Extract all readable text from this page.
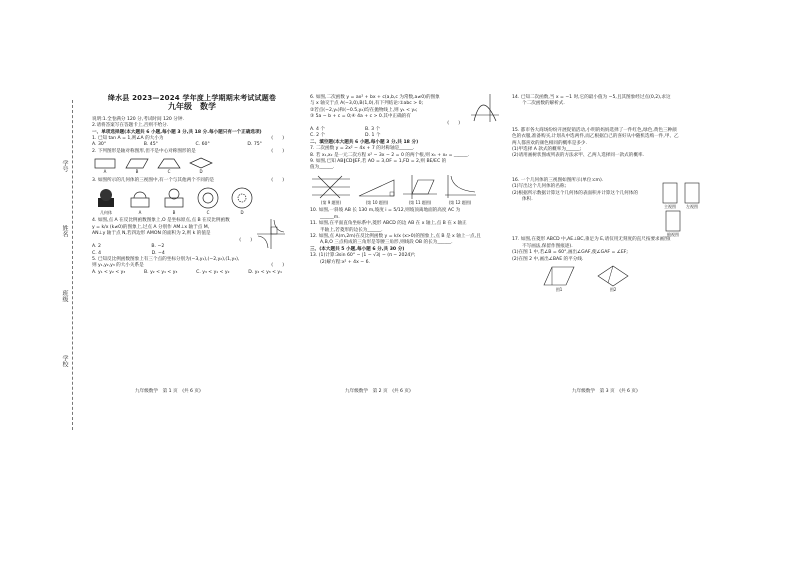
学号
姓名
班级
学校
绛水县 2023—2024 学年度上学期期末考试试题卷
九年级　数学
说明:1.全卷满分 120 分,考试时间 120 分钟.
2.请将答案写在答题卡上,否则不给分.
一、单项选择题(本大题共 6 小题,每小题 3 分,共 18 分.每小题只有一个正确选项)
1. 已知 tan A = 1,则∠A 的大小为	(　　)
A. 30°	B. 45°	C. 60°	D. 75°
2. 下列图形是轴对称图形,但不是中心对称图形的是	(　　)
A	B	C	D
3. 如图所示的几何体的三视图中,有一个与其他两个不同的是	(　　)
几何体	A	B	C	D
4. 如图,点 A 在反比例函数图象上,O 是坐标原点,点 B 在反比例函数
y = k/x (k≠0)的图象上,过点 A 分别作 AM⊥x 轴于点 M,
AN⊥y 轴于点 N,若四边形 AMON 的面积为 2,则 k 的值是
(　　)
A. 2　　　　　　　　　　　B. −2
C. 4　　　　　　　　　　　D. −4
5. 已知反比例函数图象上有三个点的坐标分别为(−3,y₁),(−2,y₂),(1,y₃),
则 y₁,y₂,y₃ 的大小关系是	(　　)
A. y₁ < y₂ < y₃	B. y₂ < y₁ < y₃	C. y₃ < y₁ < y₂	D. y₂ < y₃ < y₁
6. 如图,二次函数 y = ax² + bx + c(a,b,c 为常数,a≠0)的图象
与 x 轴交于点 A(−3,0),B(1,0),有下列结论:①abc > 0;
②若点(−2,y₁)和(−0.5,y₂)均在抛物线上,则 y₁ < y₂;
③ 5a − b + c = 0;④ 4a + c > 0.其中正确的有
(　　)
A. 4 个	B. 3 个
C. 2 个	D. 1 个
二、填空题(本大题共 6 小题,每小题 3 分,共 18 分)
7. 二次函数 y = 2x² − 4x + 7 的对称轴是______.
8. 若 x₁,x₂ 是一元二次方程 x² − 3x − 2 = 0 的两个根,则 x₁ + x₂ = ______.
9. 如图,已知 AB∥CD∥EF,若 AO = 3,OF = 1,FD = 2,则 BE/EC 的
值为______.
(第 9 题图)	(第 10 题图)	(第 11 题图)	(第 12 题图)
10. 如图,一斜坡 AB 长 130 m,坡度 i = 5/12,则坡顶离地面的高度 AC 为
______m.
11. 如图,在平面直角坐标系中,菱形 ABCD 的边 AB 在 x 轴上,点 B 在 x 轴正
半轴上,若菱形的边长为______.
12. 如图,点 A(m,2m)在反比例函数 y = k/x (x>0)的图象上,点 B 是 x 轴上一点,且
A,B,O 三点构成的三角形是等腰三角形,则线段 OB 的长为______.
三、(本大题共 5 小题,每小题 6 分,共 30 分)
13. (1)计算:3sin 60° − |1 − √3| − (π − 2024)⁰;
(2)解方程:x² + 4x − 6.
14. 已知二次函数,当 x = −1 时,它的最小值为 −5,且其图象经过点(0,2),求这
个二次函数的解析式.
15. 都市各大商场纷纷开展促销活动,小明的妈妈选择了一件红色,绿色,黄色三种颜
色的衣服,准备购买,计划从中选两件,而乙根据自己的喜好从中随机选购一件,甲、乙
两人都喜欢的颜色相同的概率是多少.
(1)甲选择 A 款式的概率为______;
(2)请用画树状图或列表的方法求甲、乙两人选择同一款式的概率.
16. 一个几何体的三视图如图所示(单位:cm).
(1)写出这个几何体的名称;
(2)根据所示数据计算这个几何体的表面积并计算这个几何体的
体积.
主视图	左视图
俯视图
17. 如图,在菱形 ABCD 中,AE⊥BC,垂足为 E,请仅用无刻度的直尺按要求画图(
不写画法,保留作图痕迹).
(1)在图 1 中,若∠B = 60°,画出∠GAF,使∠GAF = ∠EF;
(2)在图 2 中,画出∠BAE 的平分线.
图1	图2
九年级数学　第 1 页　(共 6 页)	九年级数学　第 2 页　(共 6 页)	九年级数学　第 3 页　(共 6 页)
